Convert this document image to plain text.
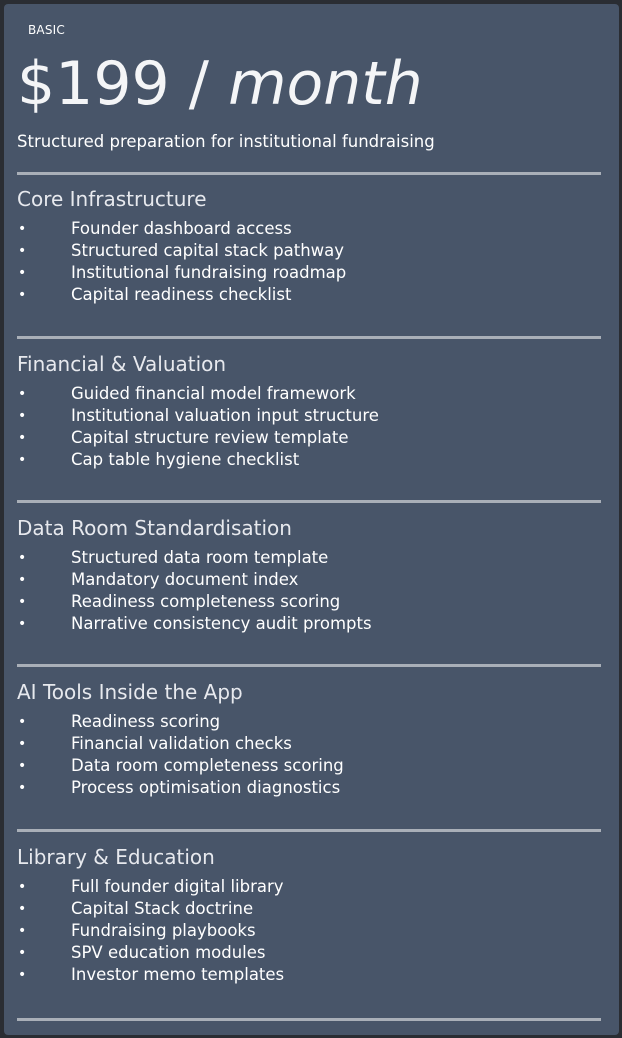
BASIC
$199 / month
Structured preparation for institutional fundraising
Core Infrastructure
•	Founder dashboard access
•	Structured capital stack pathway
•	Institutional fundraising roadmap
•	Capital readiness checklist
Financial & Valuation
•	Guided financial model framework
•	Institutional valuation input structure
•	Capital structure review template
•	Cap table hygiene checklist
Data Room Standardisation
•	Structured data room template
•	Mandatory document index
•	Readiness completeness scoring
•	Narrative consistency audit prompts
AI Tools Inside the App
•	Readiness scoring
•	Financial validation checks
•	Data room completeness scoring
•	Process optimisation diagnostics
Library & Education
•	Full founder digital library
•	Capital Stack doctrine
•	Fundraising playbooks
•	SPV education modules
•	Investor memo templates
